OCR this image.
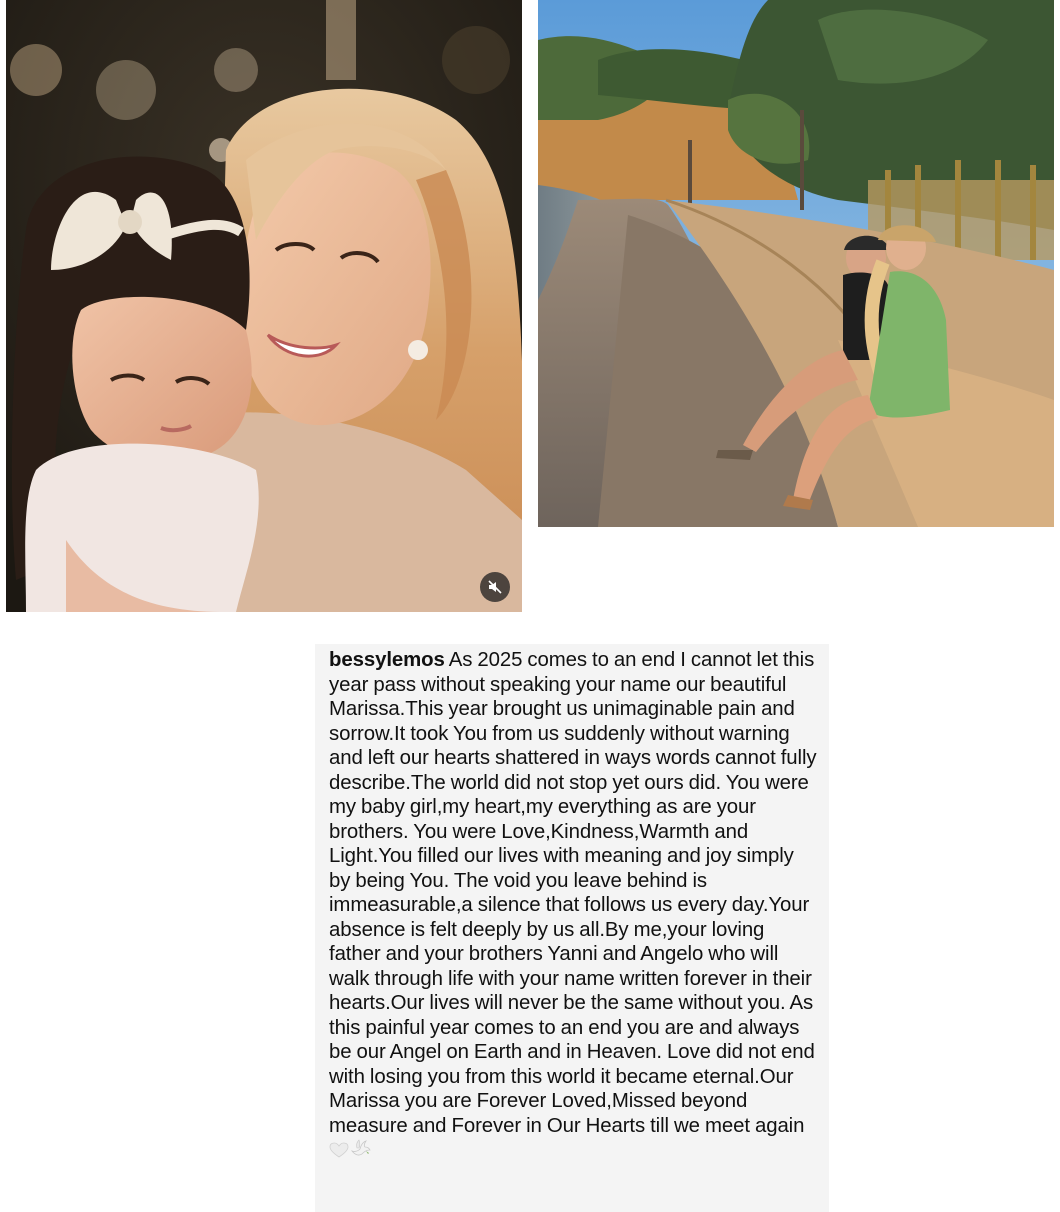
bessylemos As 2025 comes to an end I cannot let this year pass without speaking your name our beautiful Marissa.This year brought us unimaginable pain and sorrow.It took You from us suddenly without warning and left our hearts shattered in ways words cannot fully describe.The world did not stop yet ours did. You were my baby girl,my heart,my everything as are your brothers. You were Love,Kindness,Warmth and Light.You filled our lives with meaning and joy simply by being You. The void you leave behind is immeasurable,a silence that follows us every day.Your absence is felt deeply by us all.By me,your loving father and your brothers Yanni and Angelo who will walk through life with your name written forever in their hearts.Our lives will never be the same without you. As this painful year comes to an end you are and always be our Angel on Earth and in Heaven. Love did not end with losing you from this world it became eternal.Our Marissa you are Forever Loved,Missed beyond measure and Forever in Our Hearts till we meet again
